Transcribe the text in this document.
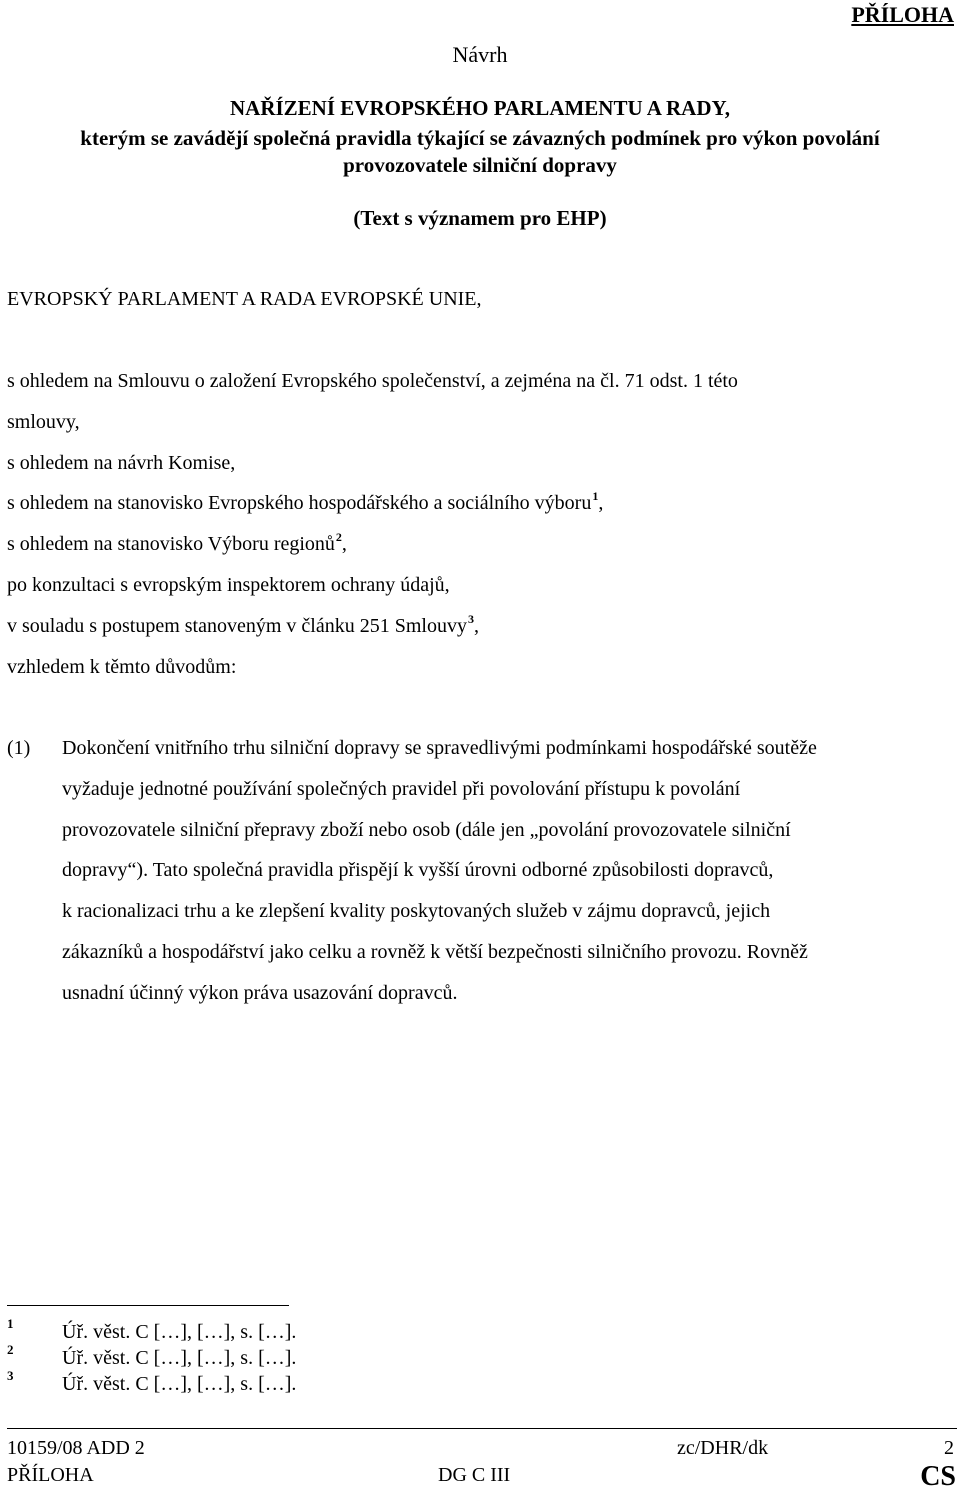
PŘÍLOHA
Návrh
NAŘÍZENÍ EVROPSKÉHO PARLAMENTU A RADY,
kterým se zavádějí společná pravidla týkající se závazných podmínek pro výkon povolání
provozovatele silniční dopravy
(Text s významem pro EHP)
EVROPSKÝ PARLAMENT A RADA EVROPSKÉ UNIE,
s ohledem na Smlouvu o založení Evropského společenství, a zejména na čl. 71 odst. 1 této
smlouvy,
s ohledem na návrh Komise,
s ohledem na stanovisko Evropského hospodářského a sociálního výboru$^1$,
s ohledem na stanovisko Výboru regionů$^2$,
po konzultaci s evropským inspektorem ochrany údajů,
v souladu s postupem stanoveným v článku 251 Smlouvy$^3$,
vzhledem k těmto důvodům:
(1) Dokončení vnitřního trhu silniční dopravy se spravedlivými podmínkami hospodářské soutěže
vyžaduje jednotné používání společných pravidel při povolování přístupu k povolání
provozovatele silniční přepravy zboží nebo osob (dále jen „povolání provozovatele silniční
dopravy“). Tato společná pravidla přispějí k vyšší úrovni odborné způsobilosti dopravců,
k racionalizaci trhu a ke zlepšení kvality poskytovaných služeb v zájmu dopravců, jejich
zákazníků a hospodářství jako celku a rovněž k větší bezpečnosti silničního provozu. Rovněž
usnadní účinný výkon práva usazování dopravců.
1 Úř. věst. C […], […], s. […].
2 Úř. věst. C […], […], s. […].
3 Úř. věst. C […], […], s. […].
10159/08 ADD 2	zc/DHR/dk	2
PŘÍLOHA	DG C III	CS
